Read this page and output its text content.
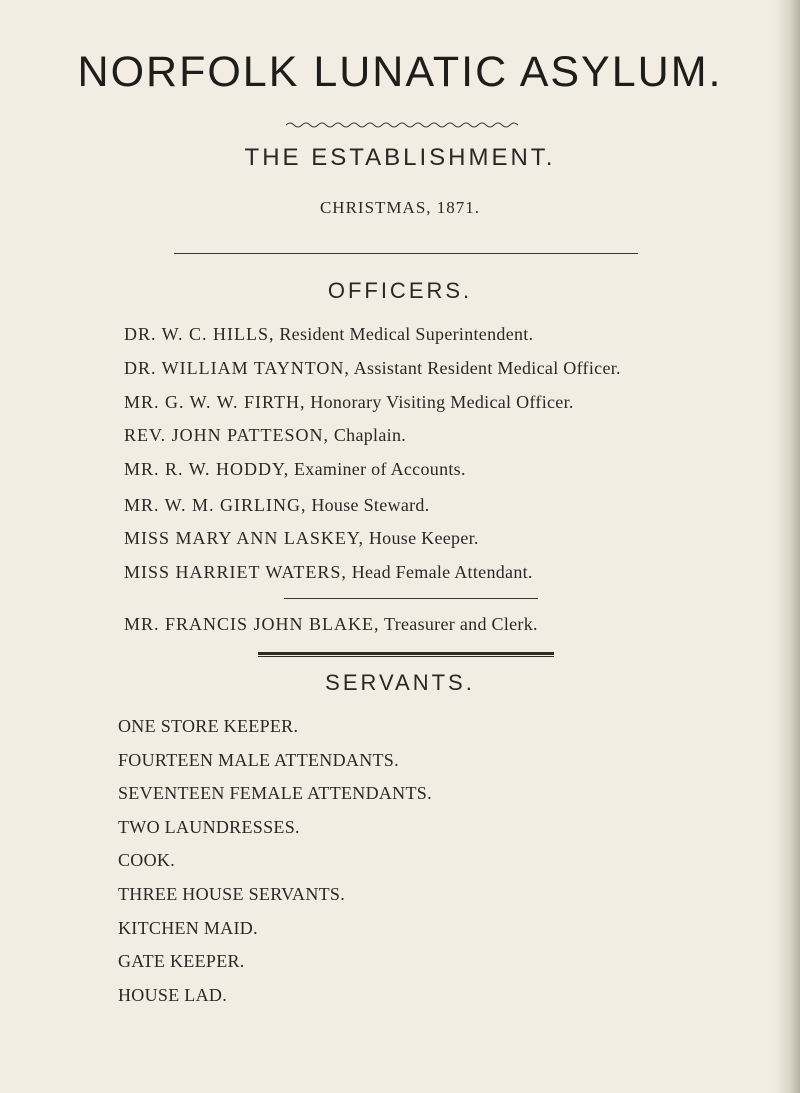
NORFOLK LUNATIC ASYLUM.
THE ESTABLISHMENT.
CHRISTMAS, 1871.
OFFICERS.
DR. W. C. HILLS, Resident Medical Superintendent.
DR. WILLIAM TAYNTON, Assistant Resident Medical Officer.
MR. G. W. W. FIRTH, Honorary Visiting Medical Officer.
REV. JOHN PATTESON, Chaplain.
MR. R. W. HODDY, Examiner of Accounts.
MR. W. M. GIRLING, House Steward.
MISS MARY ANN LASKEY, House Keeper.
MISS HARRIET WATERS, Head Female Attendant.
MR. FRANCIS JOHN BLAKE, Treasurer and Clerk.
SERVANTS.
ONE STORE KEEPER.
FOURTEEN MALE ATTENDANTS.
SEVENTEEN FEMALE ATTENDANTS.
TWO LAUNDRESSES.
COOK.
THREE HOUSE SERVANTS.
KITCHEN MAID.
GATE KEEPER.
HOUSE LAD.
